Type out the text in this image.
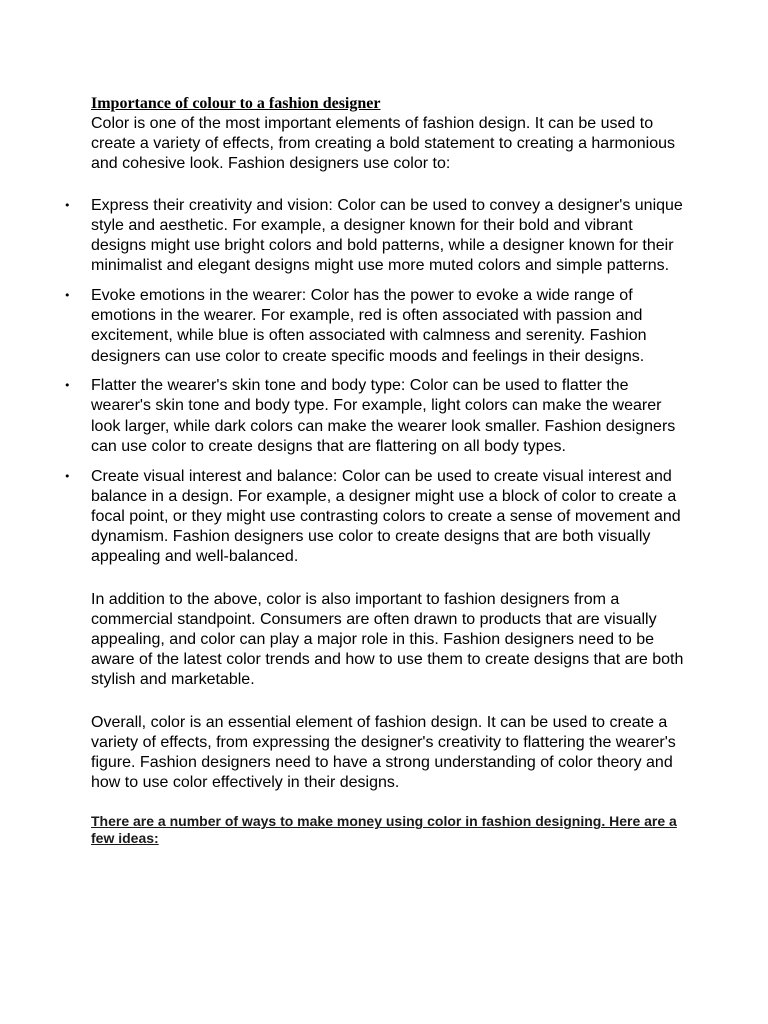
Importance of colour to a fashion designer

Color is one of the most important elements of fashion design. It can be used to create a variety of effects, from creating a bold statement to creating a harmonious and cohesive look. Fashion designers use color to:

• Express their creativity and vision: Color can be used to convey a designer's unique style and aesthetic. For example, a designer known for their bold and vibrant designs might use bright colors and bold patterns, while a designer known for their minimalist and elegant designs might use more muted colors and simple patterns.
• Evoke emotions in the wearer: Color has the power to evoke a wide range of emotions in the wearer. For example, red is often associated with passion and excitement, while blue is often associated with calmness and serenity. Fashion designers can use color to create specific moods and feelings in their designs.
• Flatter the wearer's skin tone and body type: Color can be used to flatter the wearer's skin tone and body type. For example, light colors can make the wearer look larger, while dark colors can make the wearer look smaller. Fashion designers can use color to create designs that are flattering on all body types.
• Create visual interest and balance: Color can be used to create visual interest and balance in a design. For example, a designer might use a block of color to create a focal point, or they might use contrasting colors to create a sense of movement and dynamism. Fashion designers use color to create designs that are both visually appealing and well-balanced.

In addition to the above, color is also important to fashion designers from a commercial standpoint. Consumers are often drawn to products that are visually appealing, and color can play a major role in this. Fashion designers need to be aware of the latest color trends and how to use them to create designs that are both stylish and marketable.

Overall, color is an essential element of fashion design. It can be used to create a variety of effects, from expressing the designer's creativity to flattering the wearer's figure. Fashion designers need to have a strong understanding of color theory and how to use color effectively in their designs.

There are a number of ways to make money using color in fashion designing. Here are a few ideas:
